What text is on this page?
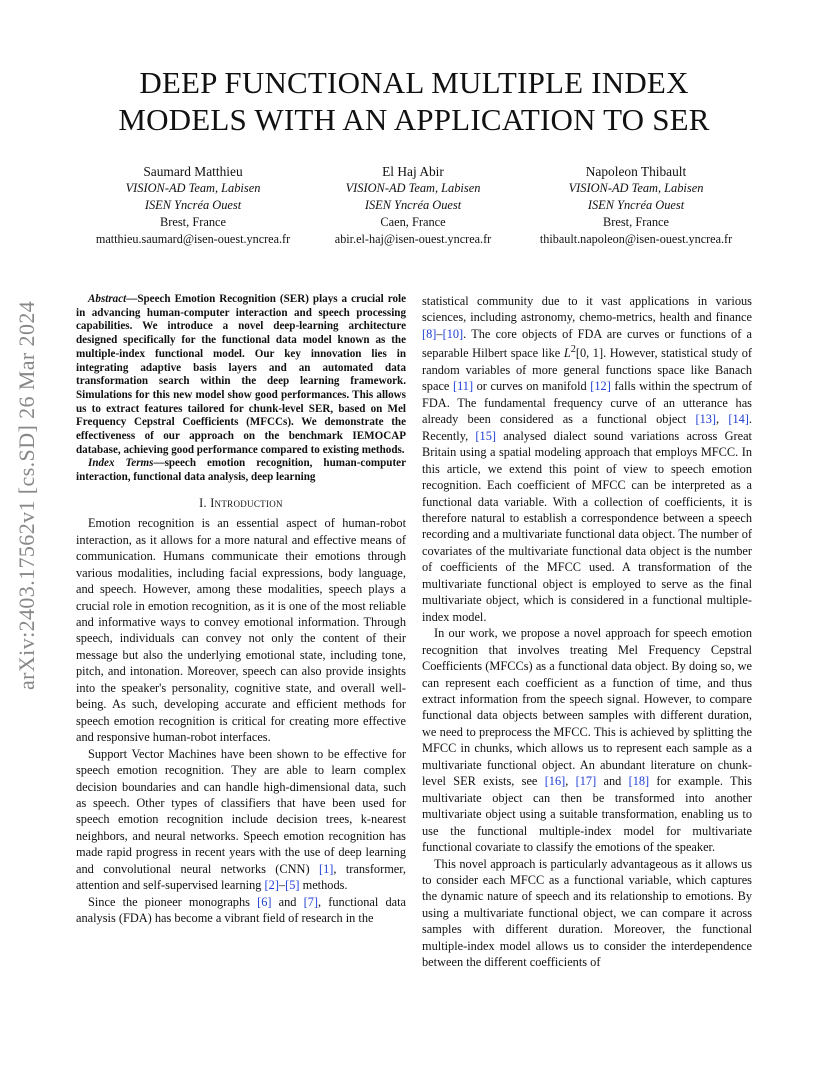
arXiv:2403.17562v1 [cs.SD] 26 Mar 2024
DEEP FUNCTIONAL MULTIPLE INDEX
MODELS WITH AN APPLICATION TO SER
Saumard Matthieu
VISION-AD Team, Labisen
ISEN Yncréa Ouest
Brest, France
matthieu.saumard@isen-ouest.yncrea.fr
El Haj Abir
VISION-AD Team, Labisen
ISEN Yncréa Ouest
Caen, France
abir.el-haj@isen-ouest.yncrea.fr
Napoleon Thibault
VISION-AD Team, Labisen
ISEN Yncréa Ouest
Brest, France
thibault.napoleon@isen-ouest.yncrea.fr

Abstract—Speech Emotion Recognition (SER) plays a crucial role in advancing human-computer interaction and speech processing capabilities. We introduce a novel deep-learning architecture designed specifically for the functional data model known as the multiple-index functional model. Our key innovation lies in integrating adaptive basis layers and an automated data transformation search within the deep learning framework. Simulations for this new model show good performances. This allows us to extract features tailored for chunk-level SER, based on Mel Frequency Cepstral Coefficients (MFCCs). We demonstrate the effectiveness of our approach on the benchmark IEMOCAP database, achieving good performance compared to existing methods.

Index Terms—speech emotion recognition, human-computer interaction, functional data analysis, deep learning

I. Introduction

Emotion recognition is an essential aspect of human-robot interaction, as it allows for a more natural and effective means of communication. Humans communicate their emotions through various modalities, including facial expressions, body language, and speech. However, among these modalities, speech plays a crucial role in emotion recognition, as it is one of the most reliable and informative ways to convey emotional information. Through speech, individuals can convey not only the content of their message but also the underlying emotional state, including tone, pitch, and intonation. Moreover, speech can also provide insights into the speaker's personality, cognitive state, and overall well-being. As such, developing accurate and efficient methods for speech emotion recognition is critical for creating more effective and responsive human-robot interfaces.

Support Vector Machines have been shown to be effective for speech emotion recognition. They are able to learn complex decision boundaries and can handle high-dimensional data, such as speech. Other types of classifiers that have been used for speech emotion recognition include decision trees, k-nearest neighbors, and neural networks. Speech emotion recognition has made rapid progress in recent years with the use of deep learning and convolutional neural networks (CNN) [1], transformer, attention and self-supervised learning [2]–[5] methods.

Since the pioneer monographs [6] and [7], functional data analysis (FDA) has become a vibrant field of research in the

statistical community due to it vast applications in various sciences, including astronomy, chemo-metrics, health and finance [8]–[10]. The core objects of FDA are curves or functions of a separable Hilbert space like $L^2[0$, 1]. However, statistical study of random variables of more general functions space like Banach space [11] or curves on manifold [12] falls within the spectrum of FDA. The fundamental frequency curve of an utterance has already been considered as a functional object [13], [14]. Recently, [15] analysed dialect sound variations across Great Britain using a spatial modeling approach that employs MFCC. In this article, we extend this point of view to speech emotion recognition. Each coefficient of MFCC can be interpreted as a functional data variable. With a collection of coefficients, it is therefore natural to establish a correspondence between a speech recording and a multivariate functional data object. The number of covariates of the multivariate functional data object is the number of coefficients of the MFCC used. A transformation of the multivariate functional object is employed to serve as the final multivariate object, which is considered in a functional multiple-index model.

In our work, we propose a novel approach for speech emotion recognition that involves treating Mel Frequency Cepstral Coefficients (MFCCs) as a functional data object. By doing so, we can represent each coefficient as a function of time, and thus extract information from the speech signal. However, to compare functional data objects between samples with different duration, we need to preprocess the MFCC. This is achieved by splitting the MFCC in chunks, which allows us to represent each sample as a multivariate functional object. An abundant literature on chunk-level SER exists, see [16], [17] and [18] for example. This multivariate object can then be transformed into another multivariate object using a suitable transformation, enabling us to use the functional multiple-index model for multivariate functional covariate to classify the emotions of the speaker.

This novel approach is particularly advantageous as it allows us to consider each MFCC as a functional variable, which captures the dynamic nature of speech and its relationship to emotions. By using a multivariate functional object, we can compare it across samples with different duration. Moreover, the functional multiple-index model allows us to consider the interdependence between the different coefficients of
